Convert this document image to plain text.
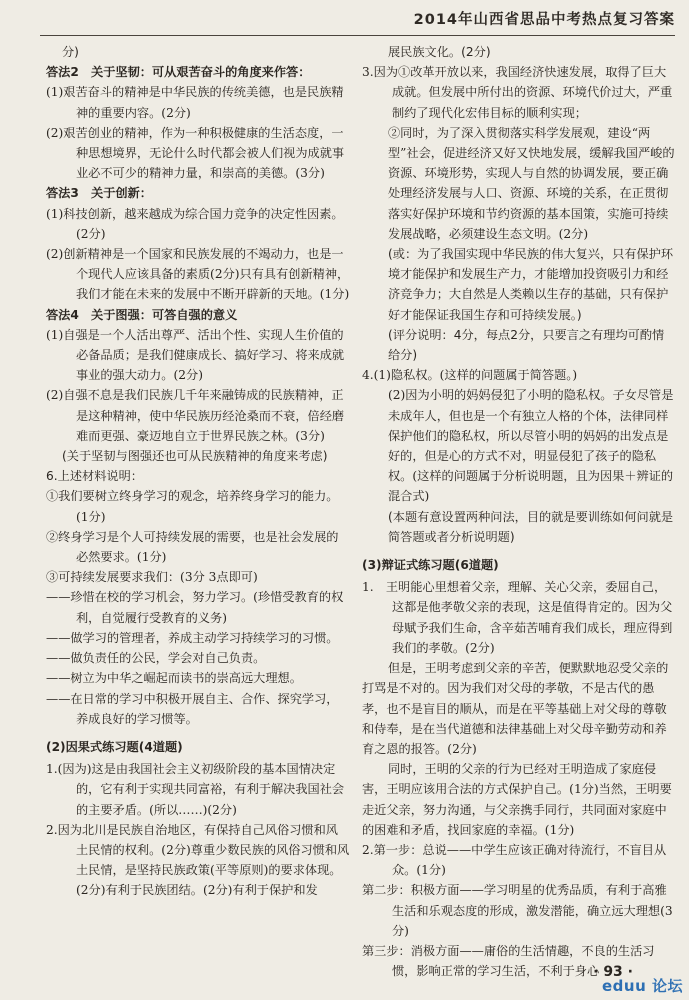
2014年山西省思品中考热点复习答案

分)

答法2　关于坚韧：可从艰苦奋斗的角度来作答：

(1)艰苦奋斗的精神是中华民族的传统美德，也是民族精神的重要内容。(2分)

(2)艰苦创业的精神，作为一种积极健康的生活态度，一种思想境界，无论什么时代都会被人们视为成就事业必不可少的精神力量，和崇高的美德。(3分)

答法3　关于创新：

(1)科技创新，越来越成为综合国力竞争的决定性因素。(2分)

(2)创新精神是一个国家和民族发展的不竭动力，也是一个现代人应该具备的素质(2分)只有具有创新精神，我们才能在未来的发展中不断开辟新的天地。(1分)

答法4　关于图强：可答自强的意义

(1)自强是一个人活出尊严、活出个性、实现人生价值的必备品质；是我们健康成长、搞好学习、将来成就事业的强大动力。(2分)

(2)自强不息是我们民族几千年来融铸成的民族精神，正是这种精神，使中华民族历经沧桑而不衰，倍经磨难而更强、豪迈地自立于世界民族之林。(3分)

(关于坚韧与图强还也可从民族精神的角度来考虑)

6.上述材料说明：

①我们要树立终身学习的观念，培养终身学习的能力。(1分)

②终身学习是个人可持续发展的需要，也是社会发展的必然要求。(1分)

③可持续发展要求我们：(3分 3点即可)

——珍惜在校的学习机会，努力学习。(珍惜受教育的权利，自觉履行受教育的义务)

——做学习的管理者，养成主动学习持续学习的习惯。

——做负责任的公民，学会对自己负责。

——树立为中华之崛起而读书的崇高远大理想。

——在日常的学习中积极开展自主、合作、探究学习，养成良好的学习惯等。

(2)因果式练习题(4道题)

1.(因为)这是由我国社会主义初级阶段的基本国情决定的，它有利于实现共同富裕，有利于解决我国社会的主要矛盾。(所以……)(2分)

2.因为北川是民族自治地区，有保持自己风俗习惯和风土民情的权利。(2分)尊重少数民族的风俗习惯和风土民情，是坚持民族政策(平等原则)的要求体现。(2分)有利于民族团结。(2分)有利于保护和发

展民族文化。(2分)

3.因为①改革开放以来，我国经济快速发展，取得了巨大成就。但发展中所付出的资源、环境代价过大，严重制约了现代化宏伟目标的顺利实现；

②同时，为了深入贯彻落实科学发展观，建设“两型”社会，促进经济又好又快地发展，缓解我国严峻的资源、环境形势，实现人与自然的协调发展，要正确处理经济发展与人口、资源、环境的关系，在正贯彻落实好保护环境和节约资源的基本国策，实施可持续发展战略，必须建设生态文明。(2分)

(或：为了我国实现中华民族的伟大复兴，只有保护环境才能保护和发展生产力，才能增加投资吸引力和经济竞争力；大自然是人类赖以生存的基础，只有保护好才能保证我国生存和可持续发展。)

(评分说明：4分，每点2分，只要言之有理均可酌情给分)

4.(1)隐私权。(这样的问题属于简答题。)

(2)因为小明的妈妈侵犯了小明的隐私权。子女尽管是未成年人，但也是一个有独立人格的个体，法律同样保护他们的隐私权，所以尽管小明的妈妈的出发点是好的，但是心的方式不对，明显侵犯了孩子的隐私权。(这样的问题属于分析说明题，且为因果＋辨证的混合式)

(本题有意设置两种问法，目的就是要训练如何问就是简答题或者分析说明题)

(3)辩证式练习题(6道题)

1.　王明能心里想着父亲，理解、关心父亲，委屈自己，这都是他孝敬父亲的表现，这是值得肯定的。因为父母赋予我们生命，含辛茹苦哺育我们成长，理应得到我们的孝敬。(2分)

但是，王明考虑到父亲的辛苦，便默默地忍受父亲的打骂是不对的。因为我们对父母的孝敬，不是古代的愚孝，也不是盲目的顺从，而是在平等基础上对父母的尊敬和侍奉，是在当代道德和法律基础上对父母辛勤劳动和养育之恩的报答。(2分)

同时，王明的父亲的行为已经对王明造成了家庭侵害，王明应该用合法的方式保护自己。(1分)当然，王明要走近父亲，努力沟通，与父亲携手同行，共同面对家庭中的困难和矛盾，找回家庭的幸福。(1分)

2.第一步：总说——中学生应该正确对待流行，不盲目从众。(1分)

第二步：积极方面——学习明星的优秀品质，有利于高雅生活和乐观态度的形成，激发潜能，确立远大理想(3分)

第三步：消极方面——庸俗的生活情趣，不良的生活习惯，影响正常的学习生活，不利于身心

· 93 ·
eduu 论坛
